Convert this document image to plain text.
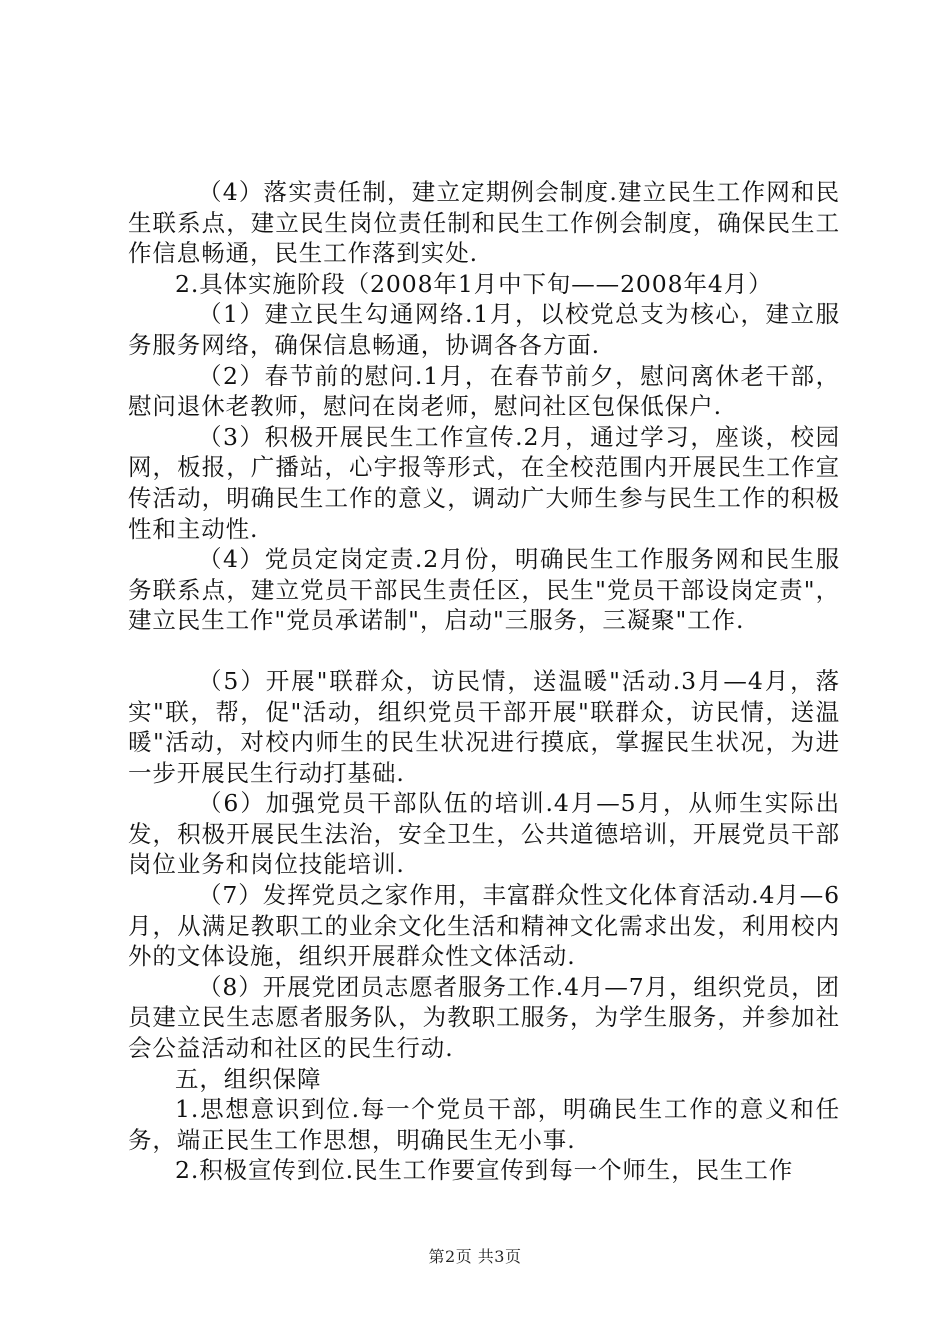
（4）落实责任制，建立定期例会制度.建立民生工作网和民生联系点，建立民生岗位责任制和民生工作例会制度，确保民生工作信息畅通，民生工作落到实处.

2.具体实施阶段（2008年1月中下旬——2008年4月）

（1）建立民生勾通网络.1月，以校党总支为核心，建立服务服务网络，确保信息畅通，协调各各方面.

（2）春节前的慰问.1月，在春节前夕，慰问离休老干部，慰问退休老教师，慰问在岗老师，慰问社区包保低保户.

（3）积极开展民生工作宣传.2月，通过学习，座谈，校园网，板报，广播站，心宇报等形式，在全校范围内开展民生工作宣传活动，明确民生工作的意义，调动广大师生参与民生工作的积极性和主动性.

（4）党员定岗定责.2月份，明确民生工作服务网和民生服务联系点，建立党员干部民生责任区，民生"党员干部设岗定责"，建立民生工作"党员承诺制"，启动"三服务，三凝聚"工作.

（5）开展"联群众，访民情，送温暖"活动.3月—4月，落实"联，帮，促"活动，组织党员干部开展"联群众，访民情，送温暖"活动，对校内师生的民生状况进行摸底，掌握民生状况，为进一步开展民生行动打基础.

（6）加强党员干部队伍的培训.4月—5月，从师生实际出发，积极开展民生法治，安全卫生，公共道德培训，开展党员干部岗位业务和岗位技能培训.

（7）发挥党员之家作用，丰富群众性文化体育活动.4月—6月，从满足教职工的业余文化生活和精神文化需求出发，利用校内外的文体设施，组织开展群众性文体活动.

（8）开展党团员志愿者服务工作.4月—7月，组织党员，团员建立民生志愿者服务队，为教职工服务，为学生服务，并参加社会公益活动和社区的民生行动.

五，组织保障

1.思想意识到位.每一个党员干部，明确民生工作的意义和任务，端正民生工作思想，明确民生无小事.

2.积极宣传到位.民生工作要宣传到每一个师生，民生工作

第2页 共3页
